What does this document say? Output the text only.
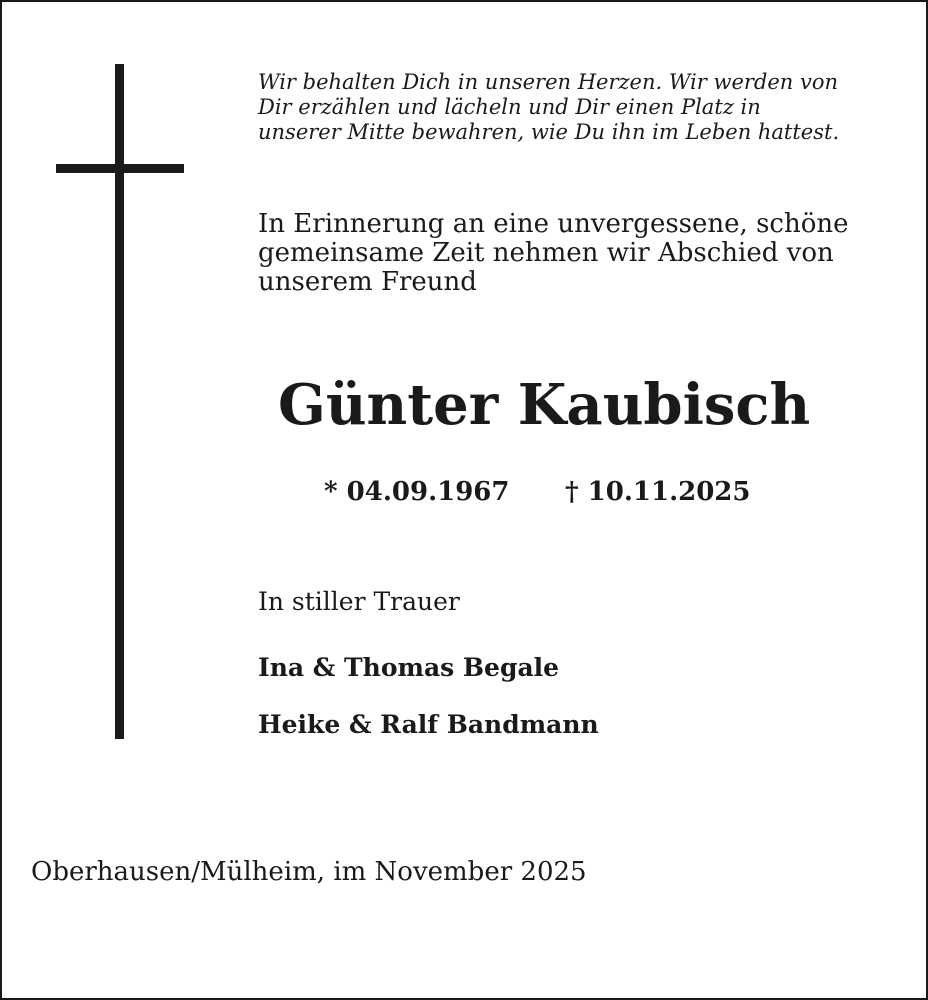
Wir behalten Dich in unseren Herzen. Wir werden von
Dir erzählen und lächeln und Dir einen Platz in
unserer Mitte bewahren, wie Du ihn im Leben hattest.
In Erinnerung an eine unvergessene, schöne
gemeinsame Zeit nehmen wir Abschied von
unserem Freund
Günter Kaubisch
* 04.09.1967 † 10.11.2025
In stiller Trauer
Ina & Thomas Begale
Heike & Ralf Bandmann
Oberhausen/Mülheim, im November 2025
